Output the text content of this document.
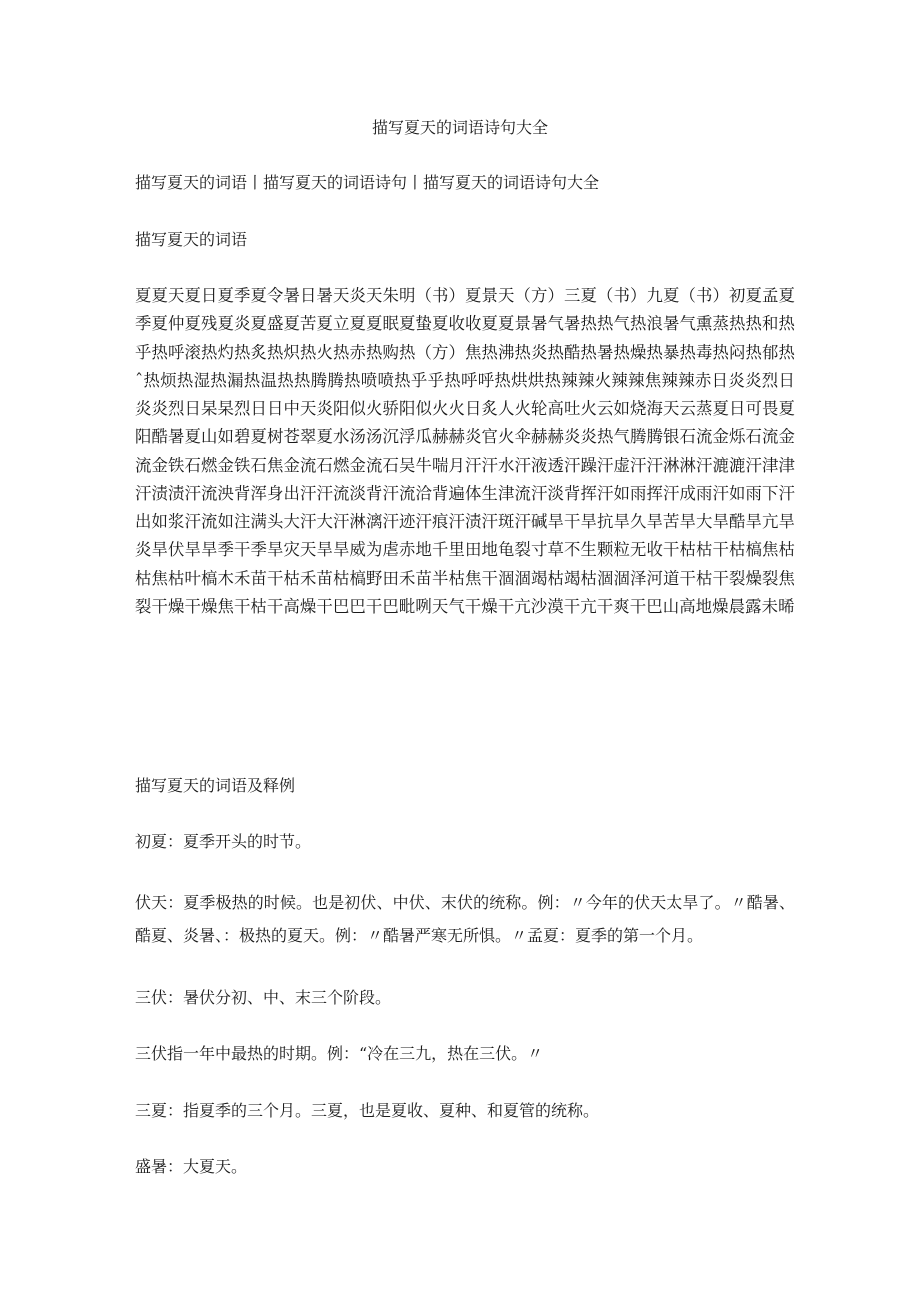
描写夏天的词语诗句大全

描写夏天的词语丨描写夏天的词语诗句丨描写夏天的词语诗句大全

描写夏天的词语

夏夏天夏日夏季夏令暑日暑天炎天朱明（书）夏景天（方）三夏（书）九夏（书）初夏孟夏季夏仲夏残夏炎夏盛夏苦夏立夏夏眠夏蛰夏收收夏夏景暑气暑热热气热浪暑气熏蒸热热和热乎热呼滚热灼热炙热炽热火热赤热购热（方）焦热沸热炎热酷热暑热燥热暴热毒热闷热郁热ˆ热烦热湿热漏热温热热腾腾热喷喷热乎乎热呼呼热烘烘热辣辣火辣辣焦辣辣赤日炎炎烈日炎炎烈日杲杲烈日日中天炎阳似火骄阳似火火日炙人火轮高吐火云如烧海天云蒸夏日可畏夏阳酷暑夏山如碧夏树苍翠夏水汤汤沉浮瓜赫赫炎官火伞赫赫炎炎热气腾腾银石流金烁石流金流金铁石燃金铁石焦金流石燃金流石吴牛喘月汗汗水汗液透汗躁汗虚汗汗淋淋汗漉漉汗津津汗渍渍汗流泱背浑身出汗汗流淡背汗流洽背遍体生津流汗淡背挥汗如雨挥汗成雨汗如雨下汗出如浆汗流如注满头大汗大汗淋漓汗迹汗痕汗渍汗斑汗碱旱干旱抗旱久旱苦旱大旱酷旱亢旱炎旱伏旱旱季干季旱灾天旱旱威为虐赤地千里田地龟裂寸草不生颗粒无收干枯枯干枯槁焦枯枯焦枯叶槁木禾苗干枯禾苗枯槁野田禾苗半枯焦干涸涸竭枯竭枯涸涸泽河道干枯干裂燥裂焦裂干燥干燥焦干枯干高燥干巴巴干巴毗咧天气干燥干亢沙漠干亢干爽干巴山高地燥晨露未晞

描写夏天的词语及释例

初夏：夏季开头的时节。

伏天：夏季极热的时候。也是初伏、中伏、末伏的统称。例：〃今年的伏天太旱了。〃酷暑、酷夏、炎暑、：极热的夏天。例：〃酷暑严寒无所惧。〃孟夏：夏季的第一个月。

三伏：暑伏分初、中、末三个阶段。

三伏指一年中最热的时期。例：“冷在三九，热在三伏。〃

三夏：指夏季的三个月。三夏，也是夏收、夏种、和夏管的统称。

盛暑：大夏天。
